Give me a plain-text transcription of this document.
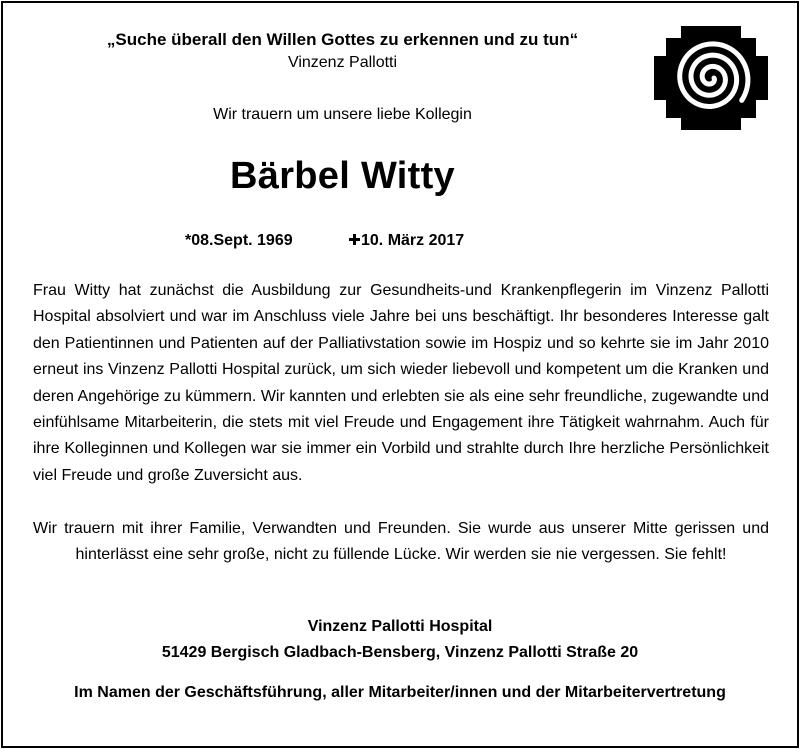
„Suche überall den Willen Gottes zu erkennen und zu tun“
Vinzenz Pallotti
Wir trauern um unsere liebe Kollegin
Bärbel Witty
*08.Sept. 1969	10. März 2017
Frau Witty hat zunächst die Ausbildung zur Gesundheits-und Krankenpflegerin im Vinzenz Pallotti Hospital absolviert und war im Anschluss viele Jahre bei uns beschäftigt. Ihr besonderes Interesse galt den Patientinnen und Patienten auf der Palliativstation sowie im Hospiz und so kehrte sie im Jahr 2010 erneut ins Vinzenz Pallotti Hospital zurück, um sich wieder liebevoll und kompetent um die Kranken und deren Angehörige zu kümmern. Wir kannten und erlebten sie als eine sehr freundliche, zugewandte und einfühlsame Mitarbeiterin, die stets mit viel Freude und Engagement ihre Tätigkeit wahrnahm. Auch für ihre Kolleginnen und Kollegen war sie immer ein Vorbild und strahlte durch Ihre herzliche Persönlichkeit viel Freude und große Zuversicht aus.
Wir trauern mit ihrer Familie, Verwandten und Freunden. Sie wurde aus unserer Mitte gerissen und hinterlässt eine sehr große, nicht zu füllende Lücke. Wir werden sie nie vergessen. Sie fehlt!
Vinzenz Pallotti Hospital
51429 Bergisch Gladbach-Bensberg, Vinzenz Pallotti Straße 20
Im Namen der Geschäftsführung, aller Mitarbeiter/innen und der Mitarbeitervertretung
